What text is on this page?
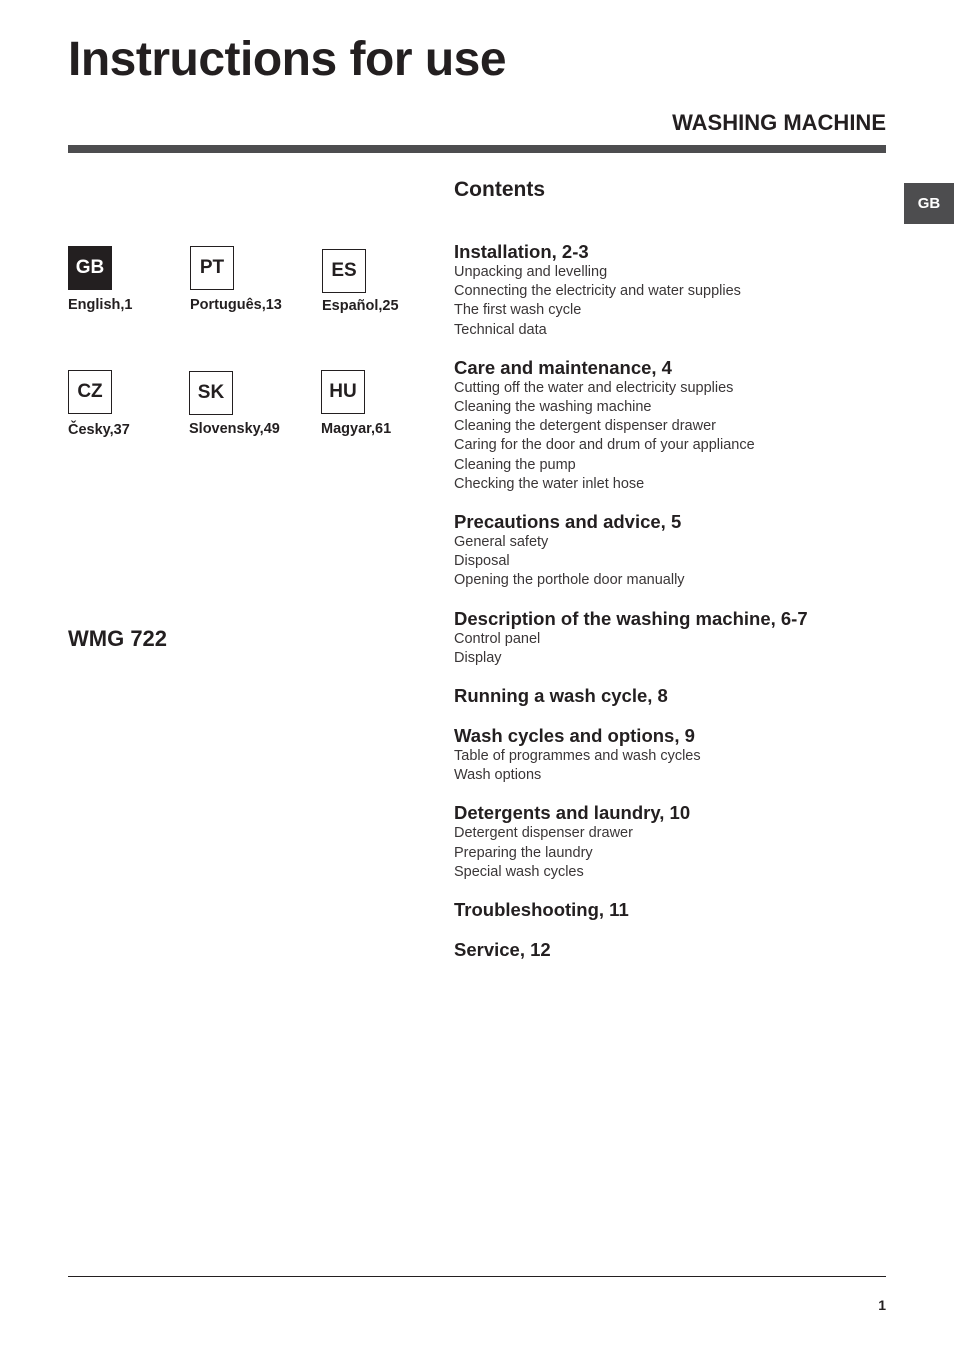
Instructions for use
WASHING MACHINE
GB
GB
English,1
PT
Português,13
ES
Español,25
CZ
Česky,37
SK
Slovensky,49
HU
Magyar,61
WMG 722
Contents
Installation, 2-3
Unpacking and levelling
Connecting the electricity and water supplies
The first wash cycle
Technical data
Care and maintenance, 4
Cutting off the water and electricity supplies
Cleaning the washing machine
Cleaning the detergent dispenser drawer
Caring for the door and drum of your appliance
Cleaning the pump
Checking the water inlet hose
Precautions and advice, 5
General safety
Disposal
Opening the porthole door manually
Description of the washing machine, 6-7
Control panel
Display
Running a wash cycle, 8
Wash cycles and options, 9
Table of programmes and wash cycles
Wash options
Detergents and laundry, 10
Detergent dispenser drawer
Preparing the laundry
Special wash cycles
Troubleshooting, 11
Service, 12
1
